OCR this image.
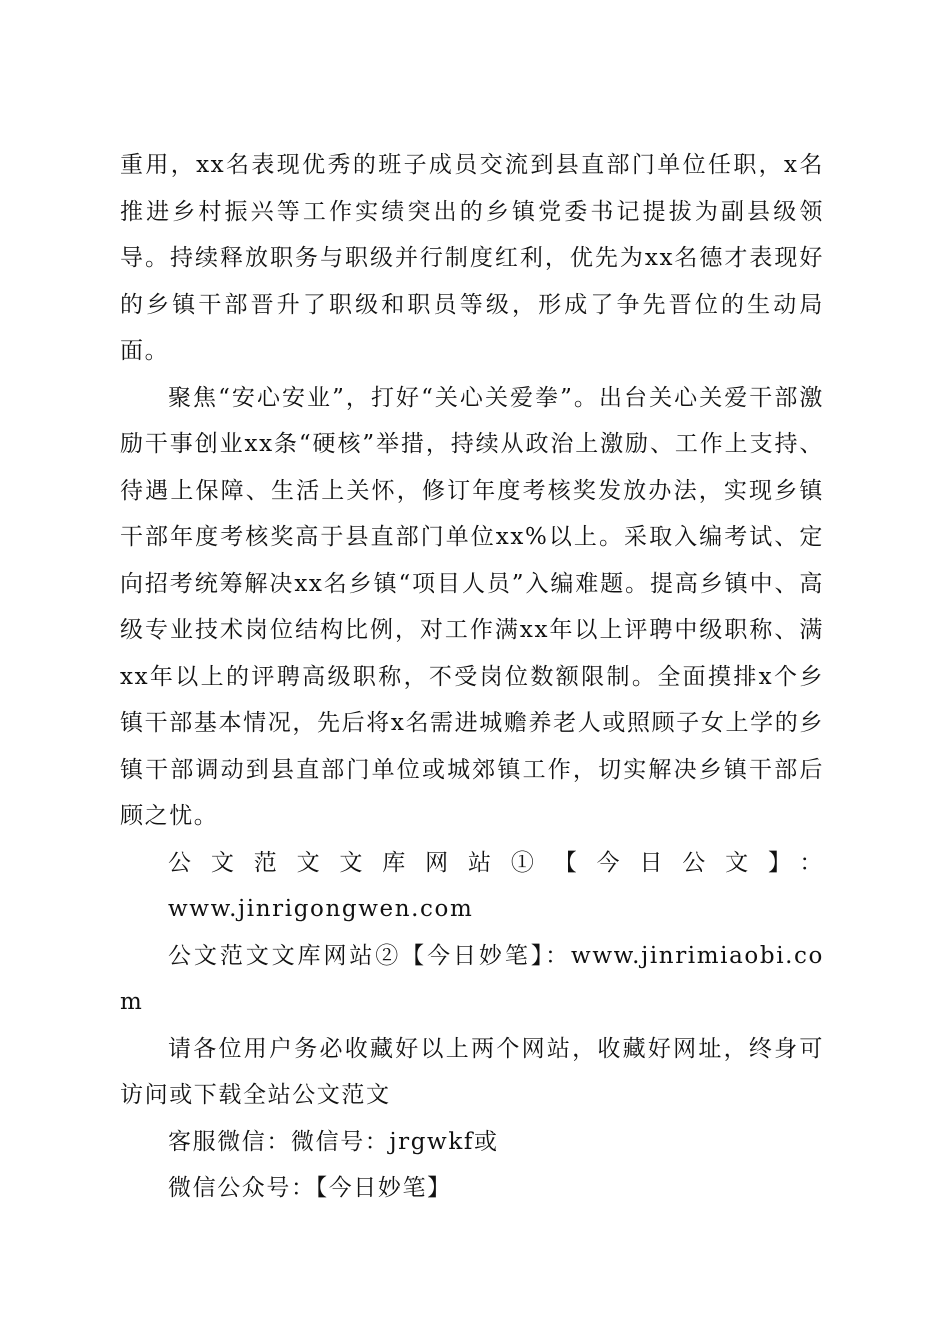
重用，xx名表现优秀的班子成员交流到县直部门单位任职，x名推进乡村振兴等工作实绩突出的乡镇党委书记提拔为副县级领导。持续释放职务与职级并行制度红利，优先为xx名德才表现好的乡镇干部晋升了职级和职员等级，形成了争先晋位的生动局面。

聚焦“安心安业”，打好“关心关爱拳”。出台关心关爱干部激励干事创业xx条“硬核”举措，持续从政治上激励、工作上支持、待遇上保障、生活上关怀，修订年度考核奖发放办法，实现乡镇干部年度考核奖高于县直部门单位xx%以上。采取入编考试、定向招考统筹解决xx名乡镇“项目人员”入编难题。提高乡镇中、高级专业技术岗位结构比例，对工作满xx年以上评聘中级职称、满xx年以上的评聘高级职称，不受岗位数额限制。全面摸排x个乡镇干部基本情况，先后将x名需进城赡养老人或照顾子女上学的乡镇干部调动到县直部门单位或城郊镇工作，切实解决乡镇干部后顾之忧。

公文范文文库网站①【今日公文】：
www.jinrigongwen.com

公文范文文库网站②【今日妙笔】：www.jinrimiaobi.com

请各位用户务必收藏好以上两个网站，收藏好网址，终身可访问或下载全站公文范文

客服微信：微信号：jrgwkf或

微信公众号：【今日妙笔】
